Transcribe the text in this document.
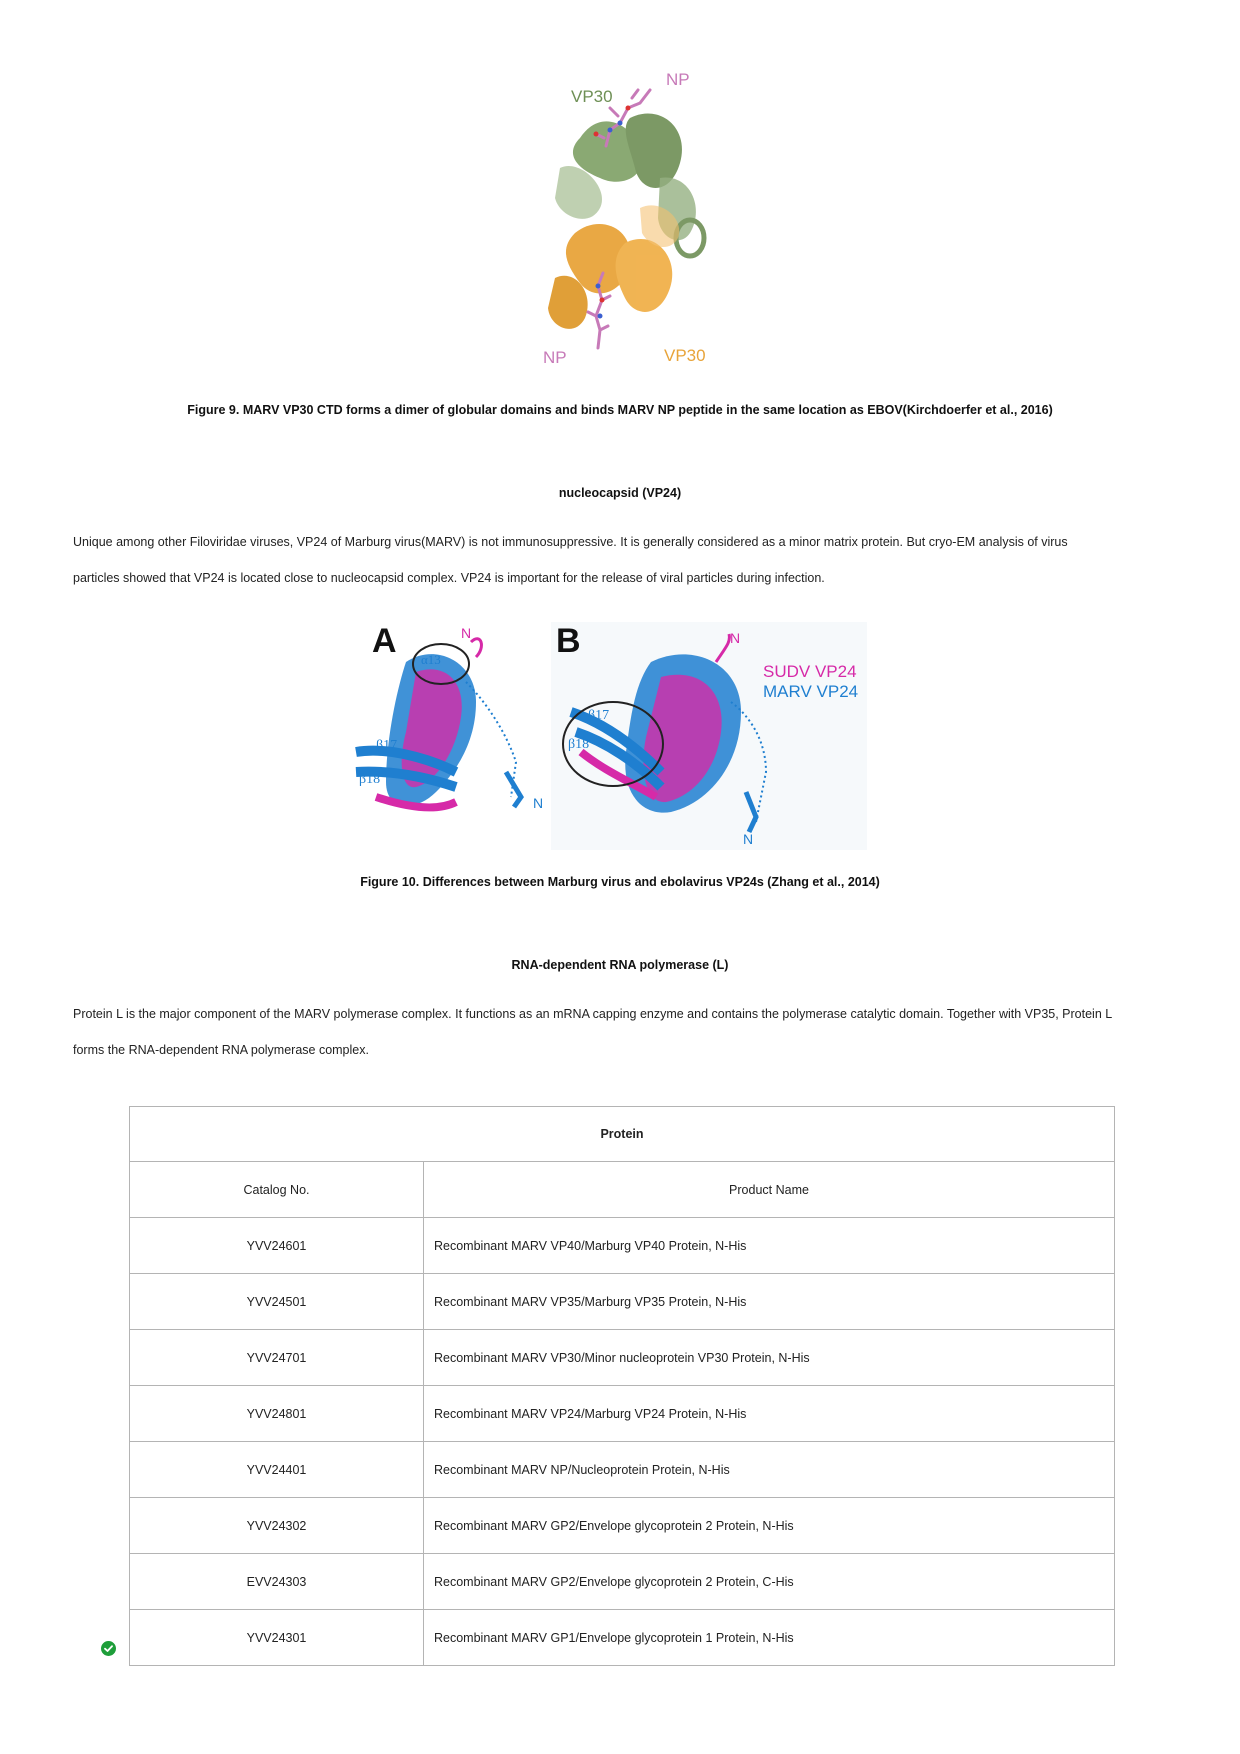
VP30
NP
NP	VP30
Figure 9. MARV VP30 CTD forms a dimer of globular domains and binds MARV NP peptide in the same location as EBOV(Kirchdoerfer et al., 2016)
nucleocapsid (VP24)
Unique among other Filoviridae viruses, VP24 of Marburg virus(MARV) is not immunosuppressive. It is generally considered as a minor matrix protein. But cryo-EM analysis of virus
particles showed that VP24 is located close to nucleocapsid complex. VP24 is important for the release of viral particles during infection.
A α13
β17
β18
N
N
B
β17
β18
N
N
SUDV VP24
MARV VP24
Figure 10. Differences between Marburg virus and ebolavirus VP24s (Zhang et al., 2014)
RNA-dependent RNA polymerase (L)
Protein L is the major component of the MARV polymerase complex. It functions as an mRNA capping enzyme and contains the polymerase catalytic domain. Together with VP35, Protein L
forms the RNA-dependent RNA polymerase complex.
Protein	
Catalog No.	Product Name
YVV24601	Recombinant MARV VP40/Marburg VP40 Protein, N-His
YVV24501	Recombinant MARV VP35/Marburg VP35 Protein, N-His
YVV24701	Recombinant MARV VP30/Minor nucleoprotein VP30 Protein, N-His
YVV24801	Recombinant MARV VP24/Marburg VP24 Protein, N-His
YVV24401	Recombinant MARV NP/Nucleoprotein Protein, N-His
YVV24302	Recombinant MARV GP2/Envelope glycoprotein 2 Protein, N-His
EVV24303	Recombinant MARV GP2/Envelope glycoprotein 2 Protein, C-His
YVV24301	Recombinant MARV GP1/Envelope glycoprotein 1 Protein, N-His
